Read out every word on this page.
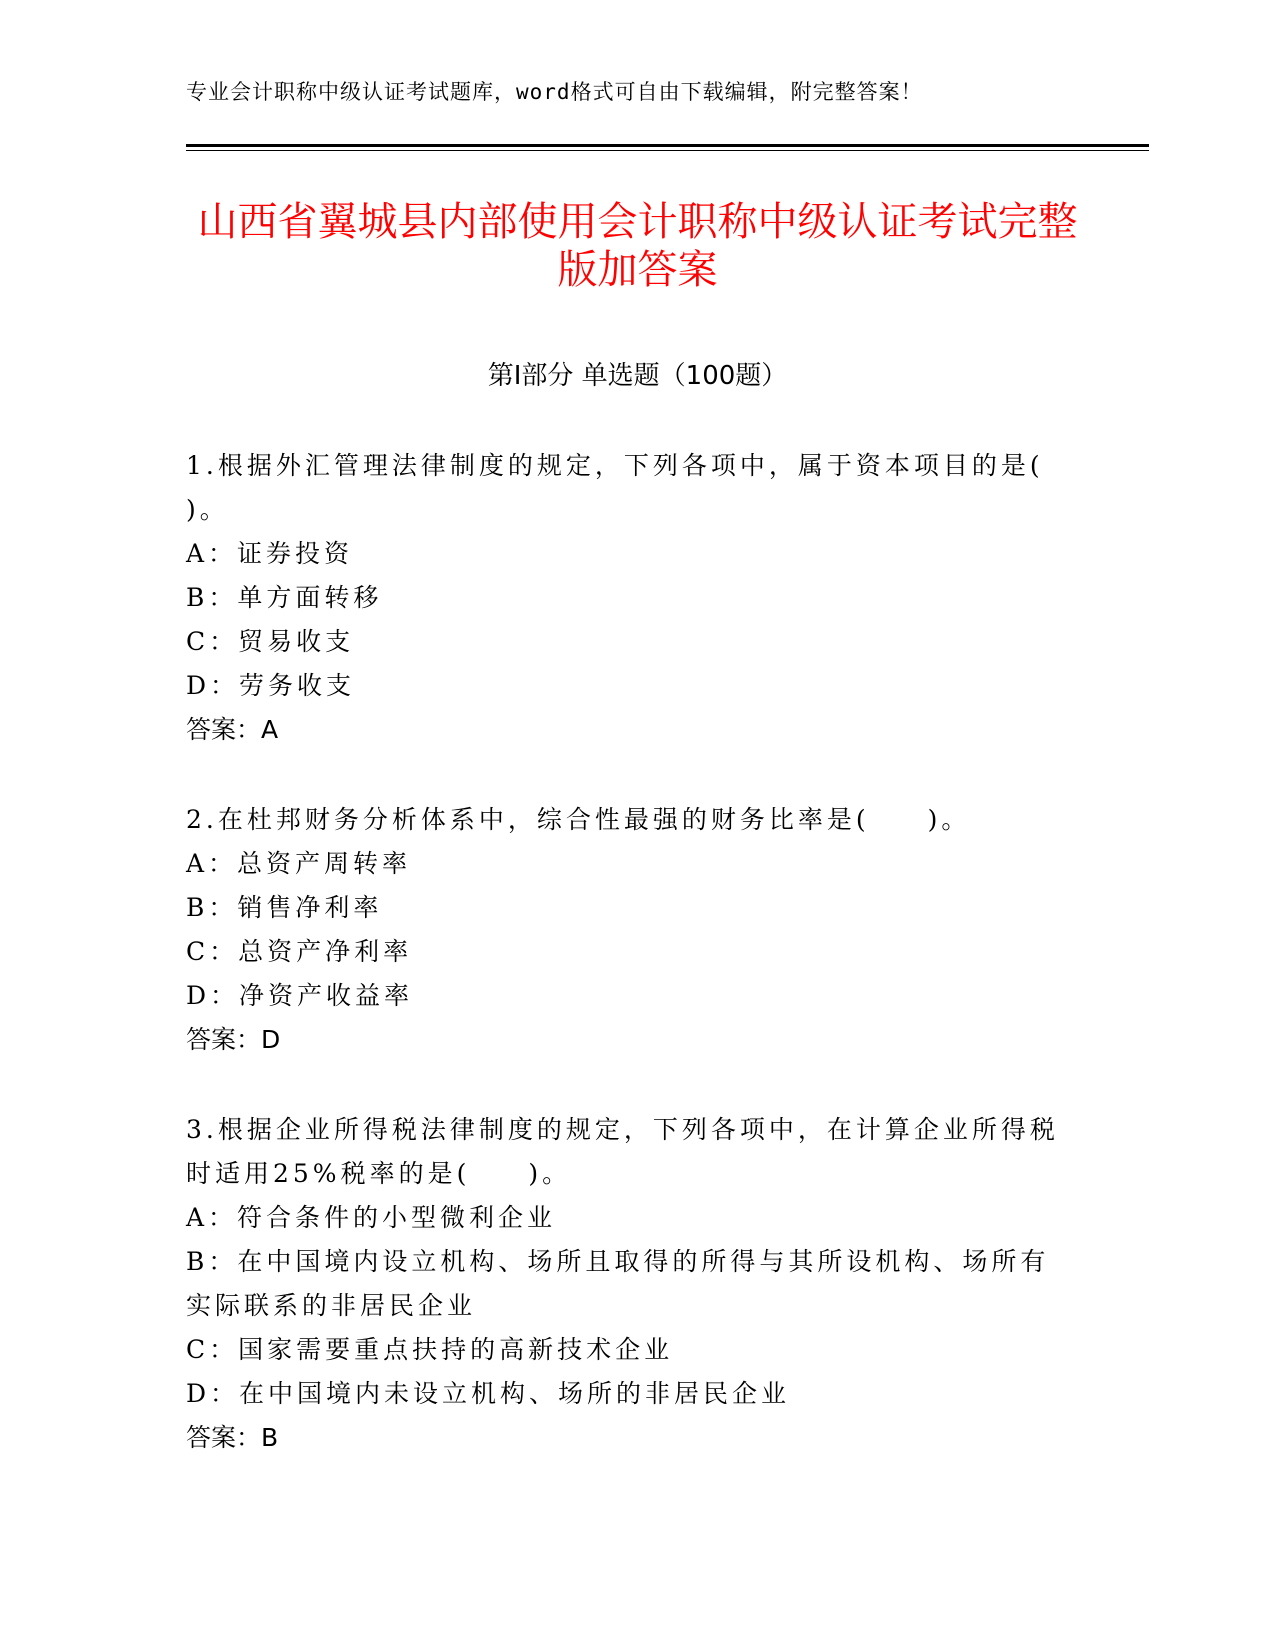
专业会计职称中级认证考试题库，word格式可自由下载编辑，附完整答案！
山西省翼城县内部使用会计职称中级认证考试完整版加答案
第I部分 单选题（100题）

1.根据外汇管理法律制度的规定，下列各项中，属于资本项目的是( )。

A：证券投资

B：单方面转移

C：贸易收支

D：劳务收支

答案：A

2.在杜邦财务分析体系中，综合性最强的财务比率是(　　)。

A：总资产周转率

B：销售净利率

C：总资产净利率

D：净资产收益率

答案：D

3.根据企业所得税法律制度的规定，下列各项中，在计算企业所得税时适用25%税率的是(　　)。

A：符合条件的小型微利企业

B：在中国境内设立机构、场所且取得的所得与其所设机构、场所有实际联系的非居民企业

C：国家需要重点扶持的高新技术企业

D：在中国境内未设立机构、场所的非居民企业

答案：B
